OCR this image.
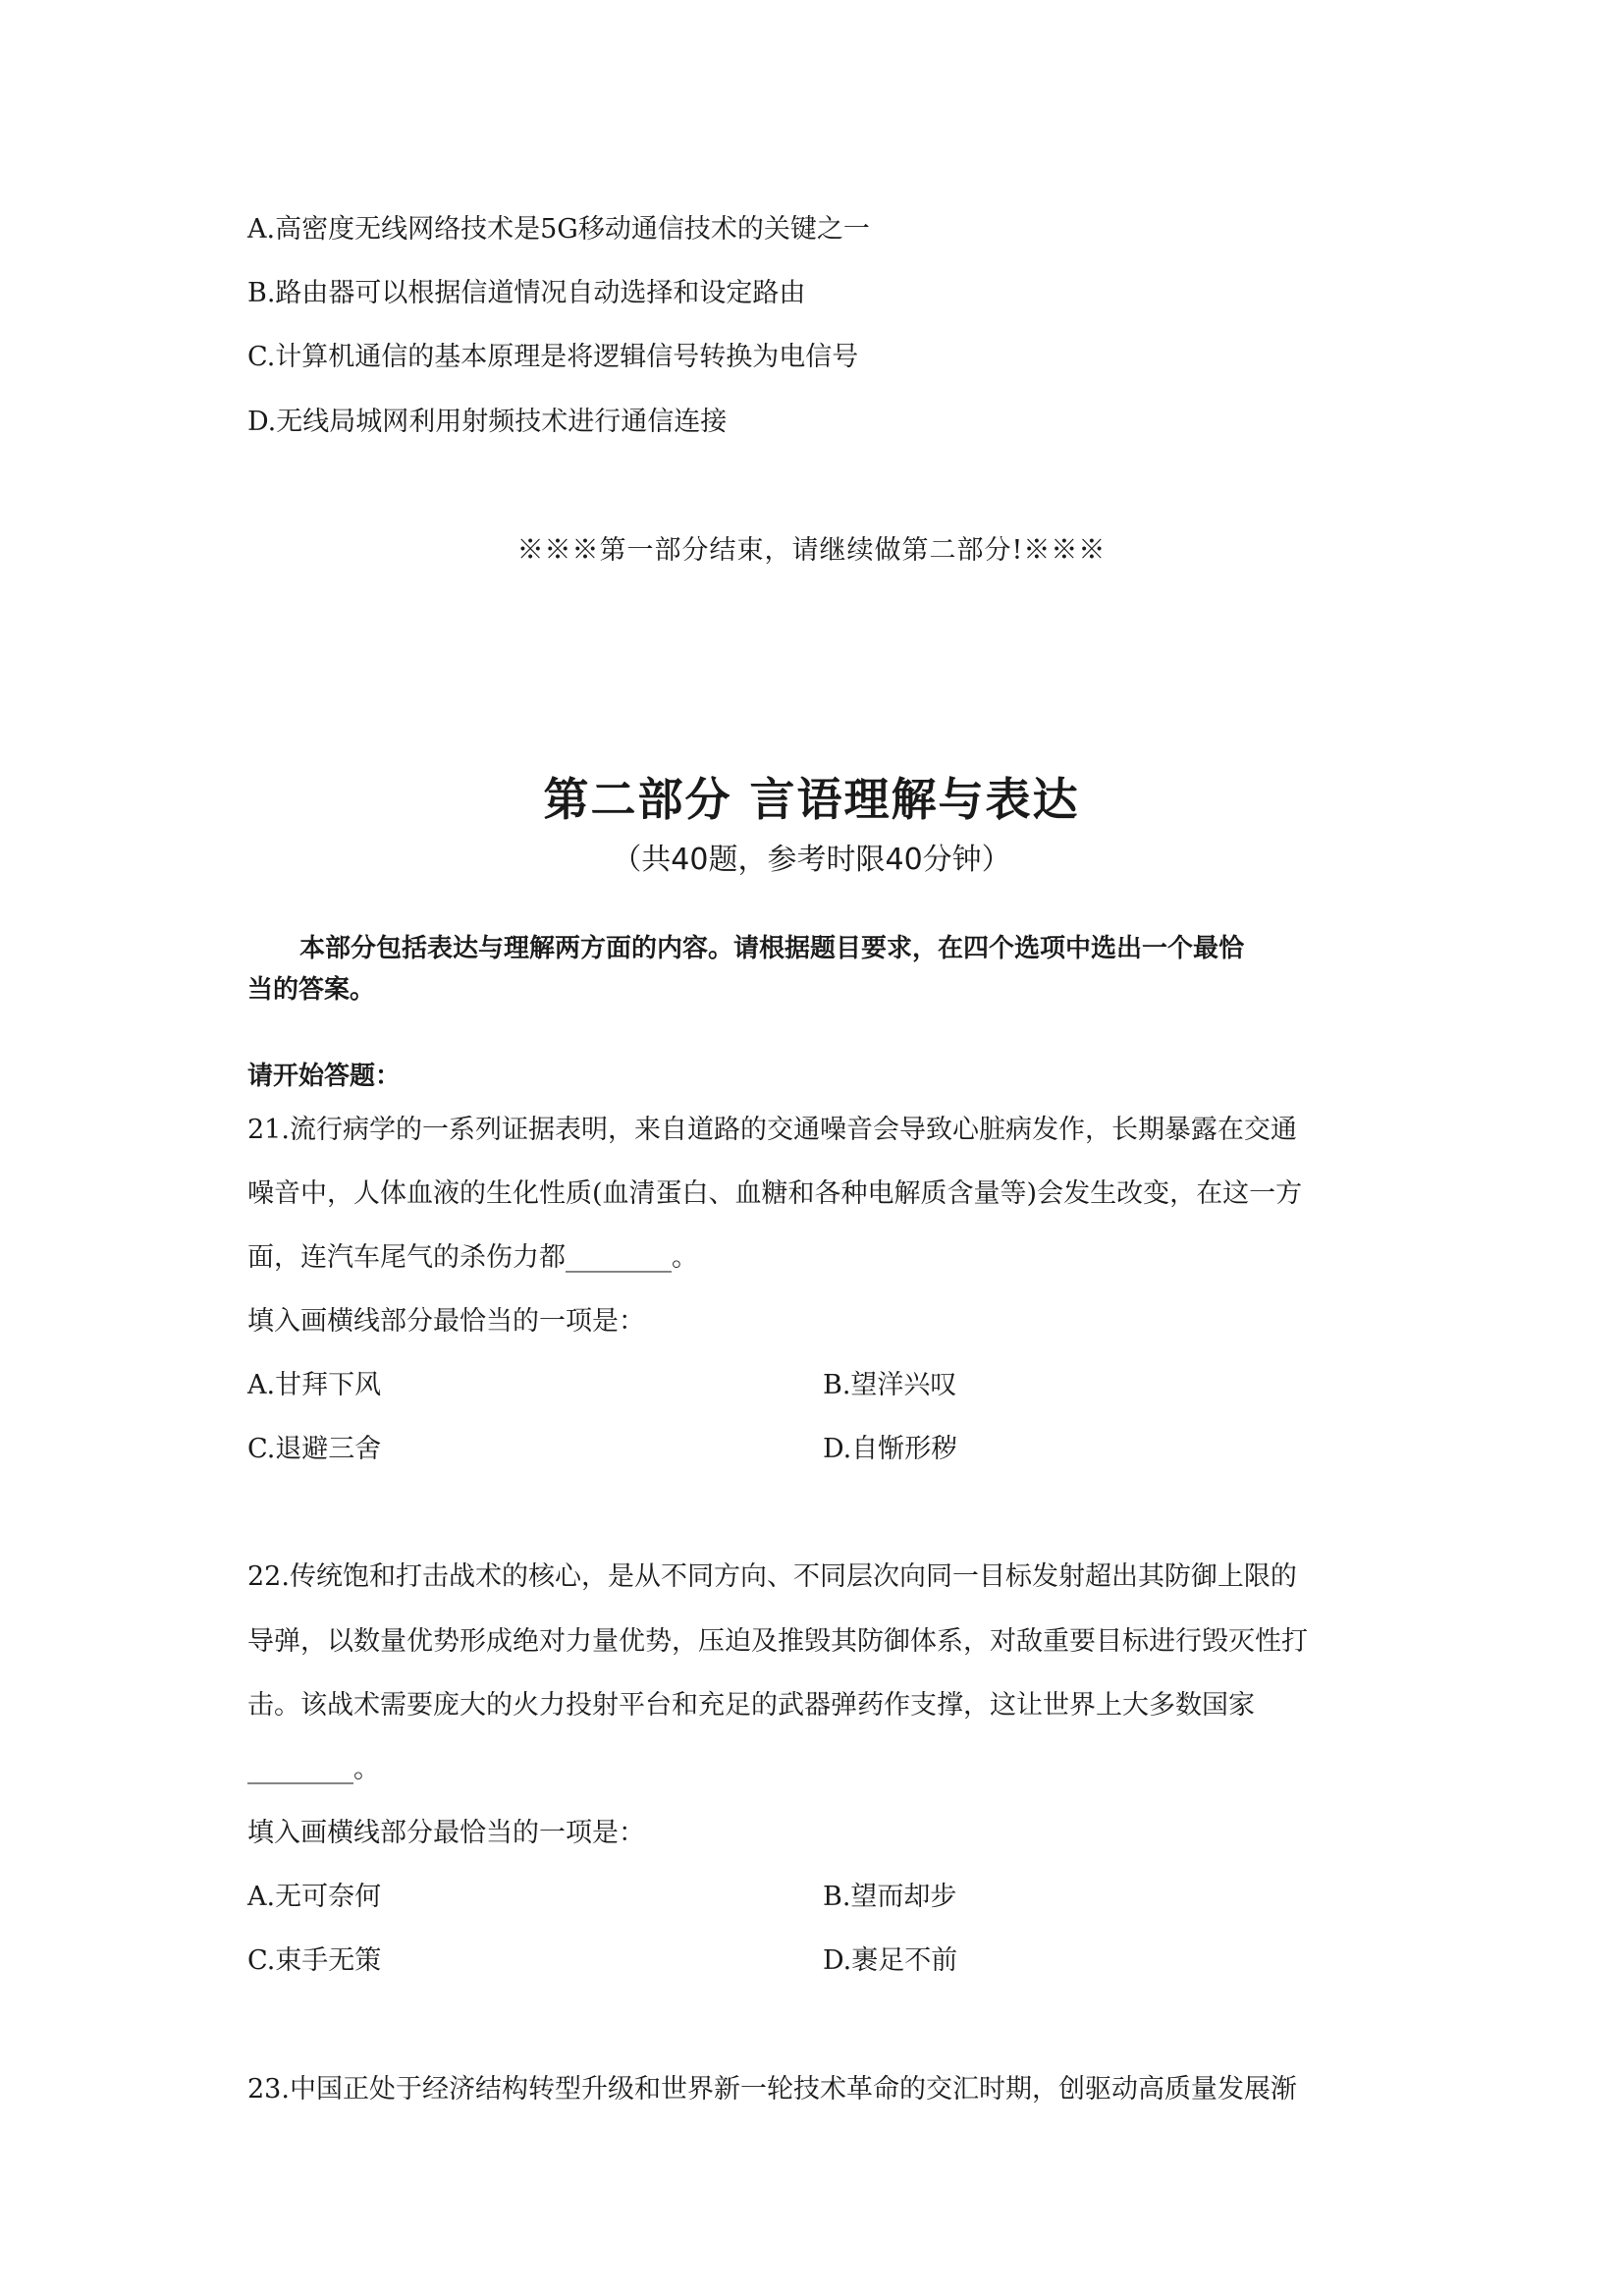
A.高密度无线网络技术是5G移动通信技术的关键之一
B.路由器可以根据信道情况自动选择和设定路由
C.计算机通信的基本原理是将逻辑信号转换为电信号
D.无线局城网利用射频技术进行通信连接
※※※第一部分结束，请继续做第二部分!※※※
第二部分 言语理解与表达
（共40题，参考时限40分钟）
本部分包括表达与理解两方面的内容。请根据题目要求，在四个选项中选出一个最恰
当的答案。
请开始答题：
21.流行病学的一系列证据表明，来自道路的交通噪音会导致心脏病发作，长期暴露在交通
噪音中，人体血液的生化性质(血清蛋白、血糖和各种电解质含量等)会发生改变，在这一方
面，连汽车尾气的杀伤力都________。
填入画横线部分最恰当的一项是：
A.甘拜下风	B.望洋兴叹
C.退避三舍	D.自惭形秽
22.传统饱和打击战术的核心，是从不同方向、不同层次向同一目标发射超出其防御上限的
导弹，以数量优势形成绝对力量优势，压迫及推毁其防御体系，对敌重要目标进行毁灭性打
击。该战术需要庞大的火力投射平台和充足的武器弹药作支撑，这让世界上大多数国家
________。
填入画横线部分最恰当的一项是：
A.无可奈何	B.望而却步
C.束手无策	D.裹足不前
23.中国正处于经济结构转型升级和世界新一轮技术革命的交汇时期，创驱动高质量发展渐
